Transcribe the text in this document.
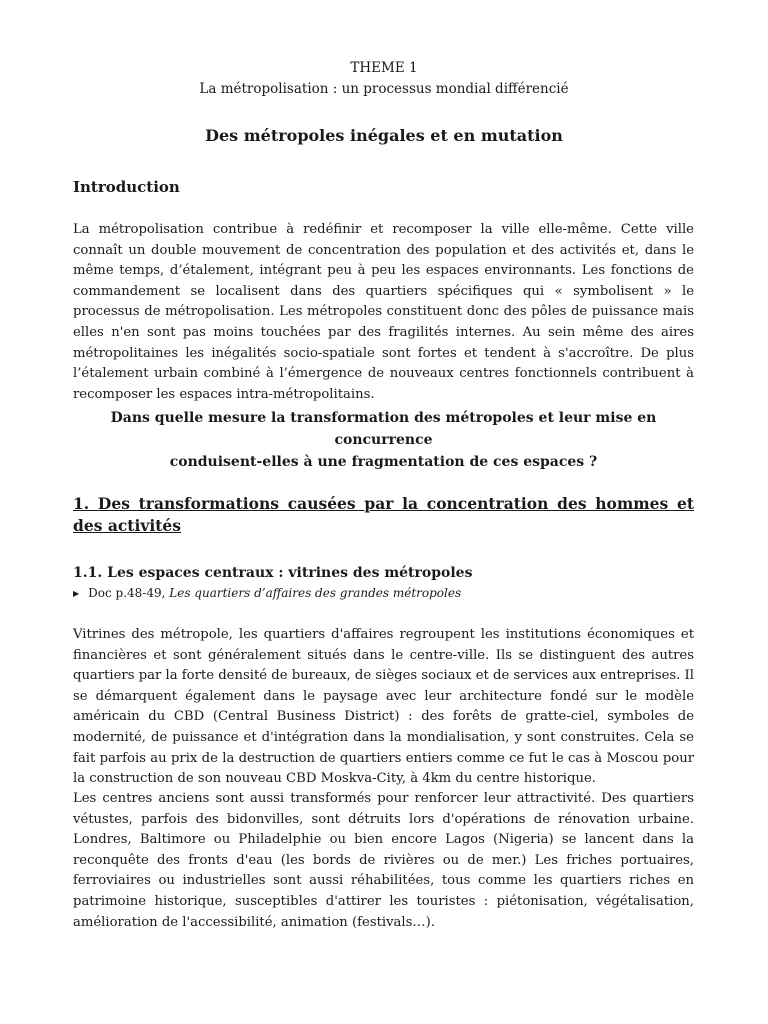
THEME 1
La métropolisation : un processus mondial différencié
Des métropoles inégales et en mutation
Introduction
La métropolisation contribue à redéfinir et recomposer la ville elle-même. Cette ville connaît un double mouvement de concentration des population et des activités et, dans le même temps, d’étalement, intégrant peu à peu les espaces environnants. Les fonctions de commandement se localisent dans des quartiers spécifiques qui « symbolisent » le processus de métropolisation. Les métropoles constituent donc des pôles de puissance mais elles n'en sont pas moins touchées par des fragilités internes. Au sein même des aires métropolitaines les inégalités socio-spatiale sont fortes et tendent à s'accroître. De plus l’étalement urbain combiné à l’émergence de nouveaux centres fonctionnels contribuent à recomposer les espaces intra-métropolitains.
Dans quelle mesure la transformation des métropoles et leur mise en concurrence
conduisent-elles à une fragmentation de ces espaces ?
1. Des transformations causées par la concentration des hommes et des activités
1.1. Les espaces centraux : vitrines des métropoles
▶ Doc p.48-49, Les quartiers d’affaires des grandes métropoles
Vitrines des métropole, les quartiers d'affaires regroupent les institutions économiques et financières et sont généralement situés dans le centre-ville. Ils se distinguent des autres quartiers par la forte densité de bureaux, de sièges sociaux et de services aux entreprises. Il se démarquent également dans le paysage avec leur architecture fondé sur le modèle américain du CBD (Central Business District) : des forêts de gratte-ciel, symboles de modernité, de puissance et d'intégration dans la mondialisation, y sont construites. Cela se fait parfois au prix de la destruction de quartiers entiers comme ce fut le cas à Moscou pour la construction de son nouveau CBD Moskva-City, à 4km du centre historique.
Les centres anciens sont aussi transformés pour renforcer leur attractivité. Des quartiers vétustes, parfois des bidonvilles, sont détruits lors d'opérations de rénovation urbaine. Londres, Baltimore ou Philadelphie ou bien encore Lagos (Nigeria) se lancent dans la reconquête des fronts d'eau (les bords de rivières ou de mer.) Les friches portuaires, ferroviaires ou industrielles sont aussi réhabilitées, tous comme les quartiers riches en patrimoine historique, susceptibles d'attirer les touristes : piétonisation, végétalisation, amélioration de l'accessibilité, animation (festivals…).
